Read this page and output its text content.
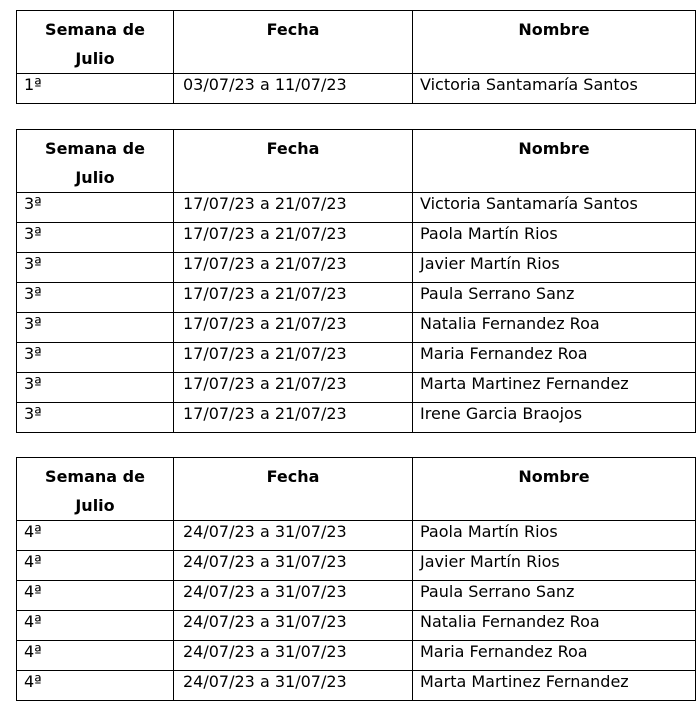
Semana de Julio	Fecha	Nombre
1ª	03/07/23 a 11/07/23	Victoria Santamaría Santos
Semana de Julio	Fecha	Nombre
3ª	17/07/23 a 21/07/23	Victoria Santamaría Santos
3ª	17/07/23 a 21/07/23	Paola Martín Rios
3ª	17/07/23 a 21/07/23	Javier Martín Rios
3ª	17/07/23 a 21/07/23	Paula Serrano Sanz
3ª	17/07/23 a 21/07/23	Natalia Fernandez Roa
3ª	17/07/23 a 21/07/23	Maria Fernandez Roa
3ª	17/07/23 a 21/07/23	Marta Martinez Fernandez
3ª	17/07/23 a 21/07/23	Irene Garcia Braojos
Semana de Julio	Fecha	Nombre
4ª	24/07/23 a 31/07/23	Paola Martín Rios
4ª	24/07/23 a 31/07/23	Javier Martín Rios
4ª	24/07/23 a 31/07/23	Paula Serrano Sanz
4ª	24/07/23 a 31/07/23	Natalia Fernandez Roa
4ª	24/07/23 a 31/07/23	Maria Fernandez Roa
4ª	24/07/23 a 31/07/23	Marta Martinez Fernandez
